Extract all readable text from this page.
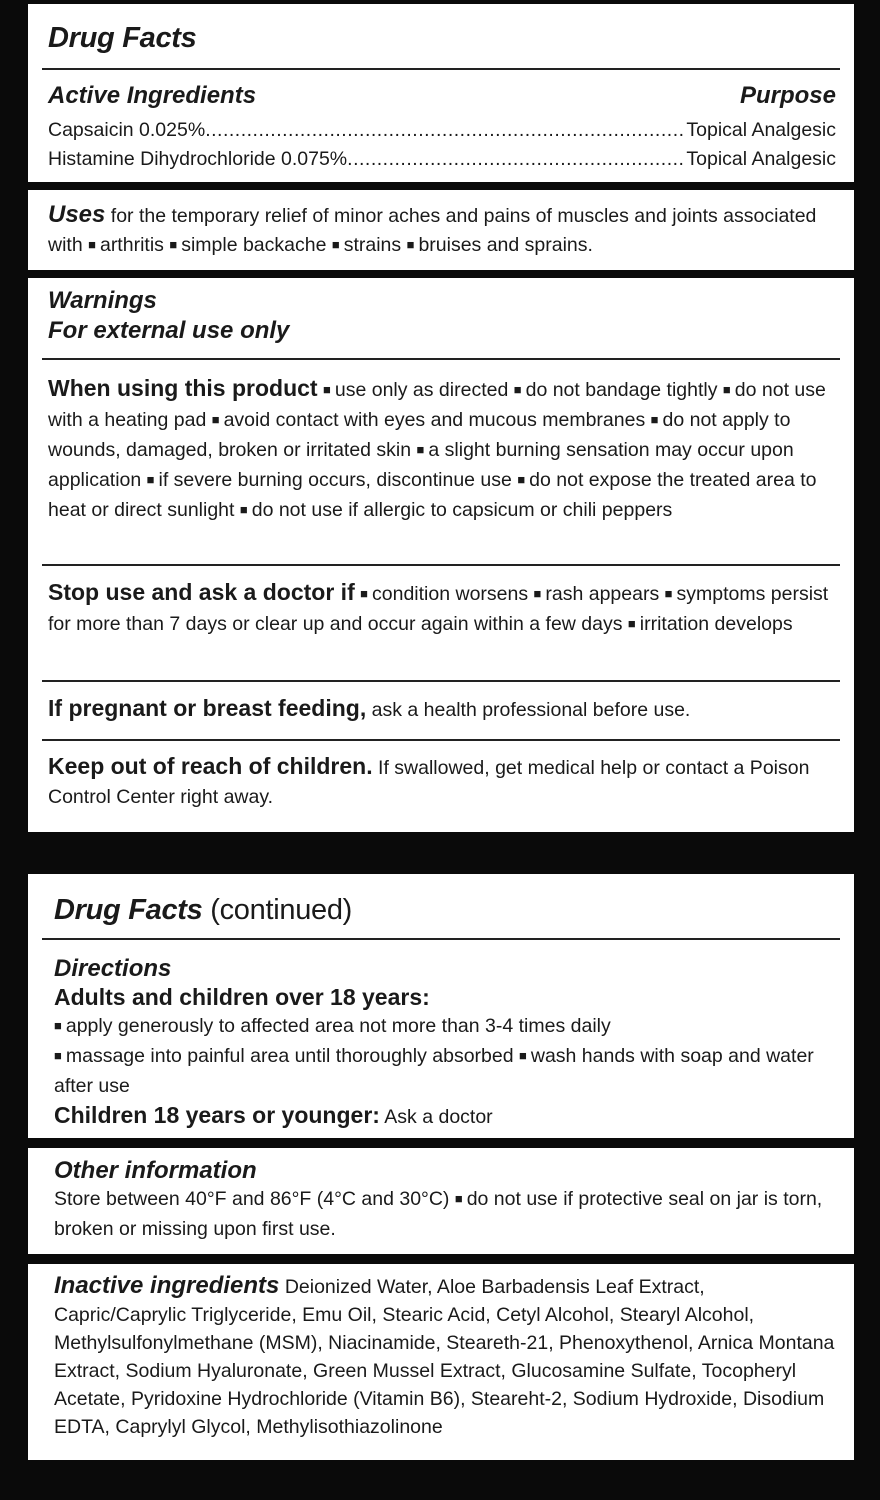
Drug Facts
Active Ingredients	Purpose
Capsaicin 0.025% .....	Topical Analgesic
Histamine Dihydrochloride 0.075% .....	Topical Analgesic
Uses for the temporary relief of minor aches and pains of muscles and joints associated with ■ arthritis ■ simple backache ■ strains ■ bruises and sprains.
Warnings
For external use only
When using this product ■ use only as directed ■ do not bandage tightly ■ do not use with a heating pad ■ avoid contact with eyes and mucous membranes ■ do not apply to wounds, damaged, broken or irritated skin ■ a slight burning sensation may occur upon application ■ if severe burning occurs, discontinue use ■ do not expose the treated area to heat or direct sunlight ■ do not use if allergic to capsicum or chili peppers
Stop use and ask a doctor if ■ condition worsens ■ rash appears ■ symptoms persist for more than 7 days or clear up and occur again within a few days ■ irritation develops
If pregnant or breast feeding, ask a health professional before use.
Keep out of reach of children. If swallowed, get medical help or contact a Poison Control Center right away.
Drug Facts (continued)
Directions
Adults and children over 18 years:
■ apply generously to affected area not more than 3-4 times daily
■ massage into painful area until thoroughly absorbed ■ wash hands with soap and water after use
Children 18 years or younger: Ask a doctor
Other information
Store between 40°F and 86°F (4°C and 30°C) ■ do not use if protective seal on jar is torn, broken or missing upon first use.
Inactive ingredients Deionized Water, Aloe Barbadensis Leaf Extract, Capric/Caprylic Triglyceride, Emu Oil, Stearic Acid, Cetyl Alcohol, Stearyl Alcohol, Methylsulfonylmethane (MSM), Niacinamide, Steareth-21, Phenoxythenol, Arnica Montana Extract, Sodium Hyaluronate, Green Mussel Extract, Glucosamine Sulfate, Tocopheryl Acetate, Pyridoxine Hydrochloride (Vitamin B6), Steareht-2, Sodium Hydroxide, Disodium EDTA, Caprylyl Glycol, Methylisothiazolinone
